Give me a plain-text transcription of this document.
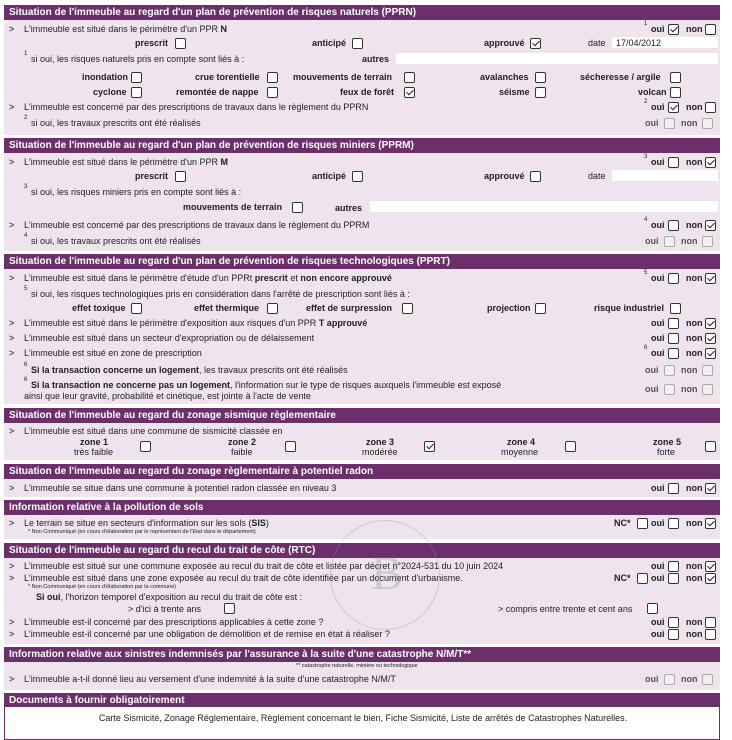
Situation de l'immeuble au regard d'un plan de prévention de risques naturels (PPRN)
> L'immeuble est situé dans le périmètre d'un PPR N	1 oui non
prescrit	anticipé	approuvé	date 17/04/2012
1 si oui, les risques naturels pris en compte sont liés à :	autres
inondation	crue torentielle	mouvements de terrain	avalanches	sécheresse / argile
cyclone	remontée de nappe	feux de forêt	séisme	volcan
> L'immeuble est concerné par des prescriptions de travaux dans le règlement du PPRN	2 oui non
2 si oui, les travaux prescrits ont été réalisés	oui	non
Situation de l'immeuble au regard d'un plan de prévention de risques miniers (PPRM)
> L'immeuble est situé dans le périmètre d'un PPR M	3 oui non
prescrit	anticipé	approuvé	date
3 si oui, les risques miniers pris en compte sont liés à :
mouvements de terrain	autres
> L'immeuble est concerné par des prescriptions de travaux dans le règlement du PPRM	4 oui non
4 si oui, les travaux prescrits ont été réalisés	oui	non
Situation de l'immeuble au regard d'un plan de prévention de risques technologiques (PPRT)
> L'immeuble est situé dans le périmètre d'étude d'un PPRt prescrit et non encore approuvé	5 oui non
5 si oui, les risques technologiques pris en considération dans l'arrêté de prescription sont liés à :
effet toxique	effet thermique	effet de surpression	projection	risque industriel
> L'immeuble est situé dans le périmètre d'exposition aux risques d'un PPR T approuvé	oui non
> L'immeuble est situé dans un secteur d'expropriation ou de délaissement	oui non
> L'immeuble est situé en zone de prescription	6 oui non
6 Si la transaction concerne un logement, les travaux prescrits ont été réalisés	oui	non
6 Si la transaction ne concerne pas un logement, l'information sur le type de risques auxquels l'immeuble est exposé
ainsi que leur gravité, probabilité et cinétique, est jointe à l'acte de vente
oui	non
Situation de l'immeuble au regard du zonage sismique règlementaire
> L'immeuble est situé dans une commune de sismicité classée en
zone 1
très faible
zone 2
faible
zone 3
modérée
zone 4
moyenne
zone 5
forte
Situation de l'immeuble au regard du zonage règlementaire à potentiel radon
> L'immeuble se situe dans une commune à potentiel radon classée en niveau 3	oui non
Information relative à la pollution de sols
> Le terrain se situe en secteurs d'information sur les sols (SIS)
* Non Communiqué (en cours d'élaboration par le représentant de l'Etat dans le département)
NC* oui non
Situation de l'immeuble au regard du recul du trait de côte (RTC)
> L'immeuble est situé sur une commune exposée au recul du trait de côte et listée par décret n°2024-531 du 10 juin 2024	oui non
> L'immeuble est situé dans une zone exposée au recul du trait de côte identifiée par un document d'urbanisme.	NC* oui non
* Non Communiqué (en cours d'élaboration par la commune)
Si oui, l'horizon temporel d'exposition au recul du trait de côte est :
> d'ici à trente ans	> compris entre trente et cent ans
> L'immeuble est-il concerné par des prescriptions applicables à cette zone ?	oui non
> L'immeuble est-il concerné par une obligation de démolition et de remise en état à réaliser ?	oui non
Information relative aux sinistres indemnisés par l'assurance à la suite d'une catastrophe N/M/T**
** catastrophe naturelle, minière ou technologique
> L'immeuble a-t-il donné lieu au versement d'une indemnité à la suite d'une catastrophe N/M/T	oui	non
Documents à fournir obligatoirement
Carte Sismicité, Zonage Réglementaire, Règlement concernant le bien, Fiche Sismicité, Liste de arrêtés de Catastrophes Naturelles.
B
